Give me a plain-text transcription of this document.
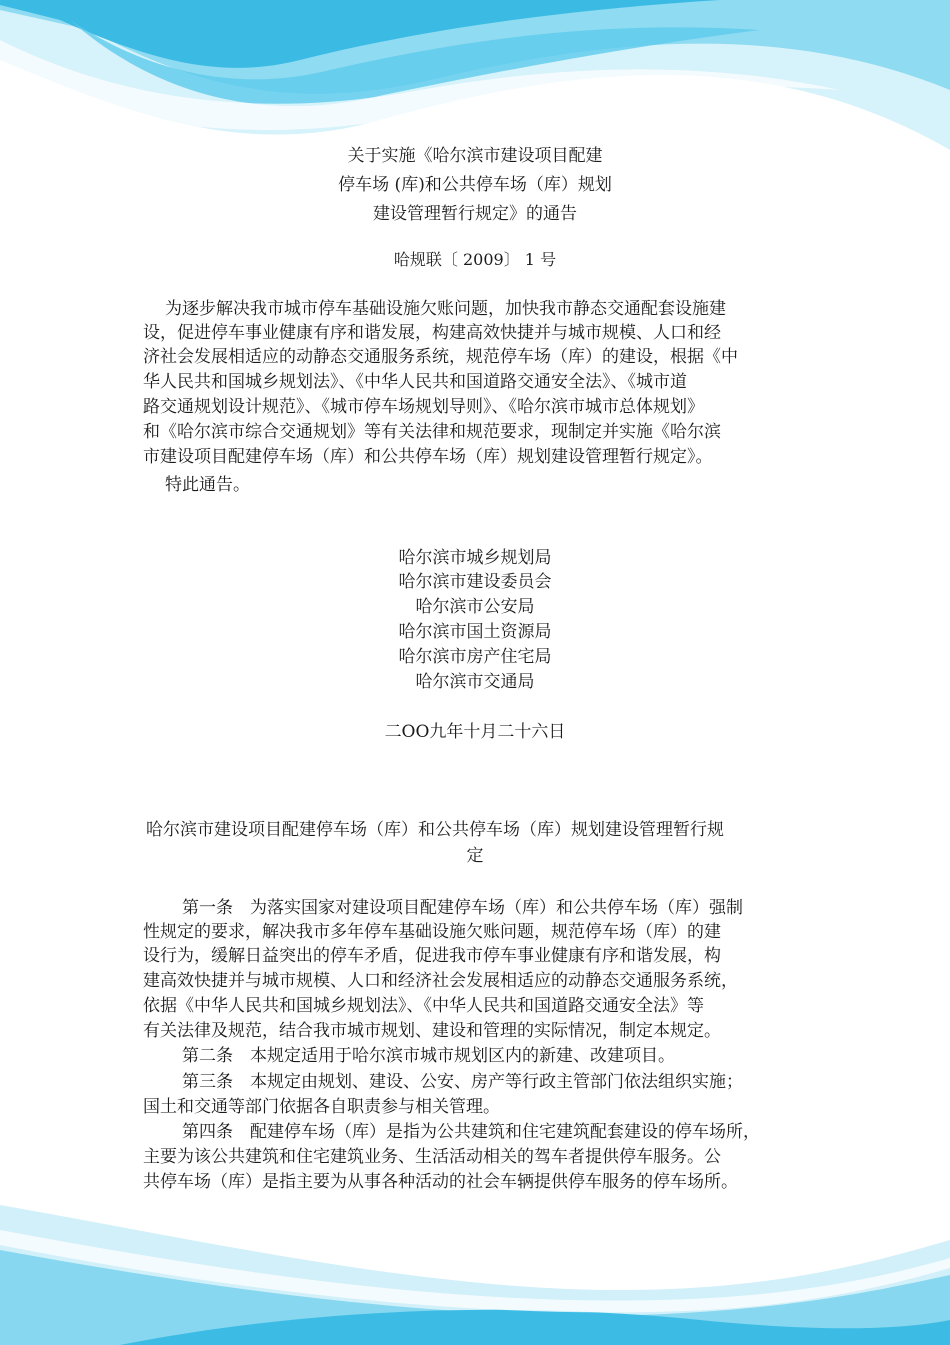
关于实施《哈尔滨市建设项目配建
停车场 (库)和公共停车场（库）规划
建设管理暂行规定》的通告
哈规联〔 2009〕 1 号
为逐步解决我市城市停车基础设施欠账问题，加快我市静态交通配套设施建
设，促进停车事业健康有序和谐发展，构建高效快捷并与城市规模、人口和经
济社会发展相适应的动静态交通服务系统，规范停车场（库）的建设，根据《中
华人民共和国城乡规划法》、《中华人民共和国道路交通安全法》、《城市道
路交通规划设计规范》、《城市停车场规划导则》、《哈尔滨市城市总体规划》
和《哈尔滨市综合交通规划》等有关法律和规范要求，现制定并实施《哈尔滨
市建设项目配建停车场（库）和公共停车场（库）规划建设管理暂行规定》。
特此通告。
哈尔滨市城乡规划局
哈尔滨市建设委员会
哈尔滨市公安局
哈尔滨市国土资源局
哈尔滨市房产住宅局
哈尔滨市交通局
二OO九年十月二十六日
哈尔滨市建设项目配建停车场（库）和公共停车场（库）规划建设管理暂行规
定
第一条　为落实国家对建设项目配建停车场（库）和公共停车场（库）强制
性规定的要求，解决我市多年停车基础设施欠账问题，规范停车场（库）的建
设行为，缓解日益突出的停车矛盾，促进我市停车事业健康有序和谐发展，构
建高效快捷并与城市规模、人口和经济社会发展相适应的动静态交通服务系统，
依据《中华人民共和国城乡规划法》、《中华人民共和国道路交通安全法》等
有关法律及规范，结合我市城市规划、建设和管理的实际情况，制定本规定。
第二条　本规定适用于哈尔滨市城市规划区内的新建、改建项目。
第三条　本规定由规划、建设、公安、房产等行政主管部门依法组织实施；
国土和交通等部门依据各自职责参与相关管理。
第四条　配建停车场（库）是指为公共建筑和住宅建筑配套建设的停车场所，
主要为该公共建筑和住宅建筑业务、生活活动相关的驾车者提供停车服务。公
共停车场（库）是指主要为从事各种活动的社会车辆提供停车服务的停车场所。
